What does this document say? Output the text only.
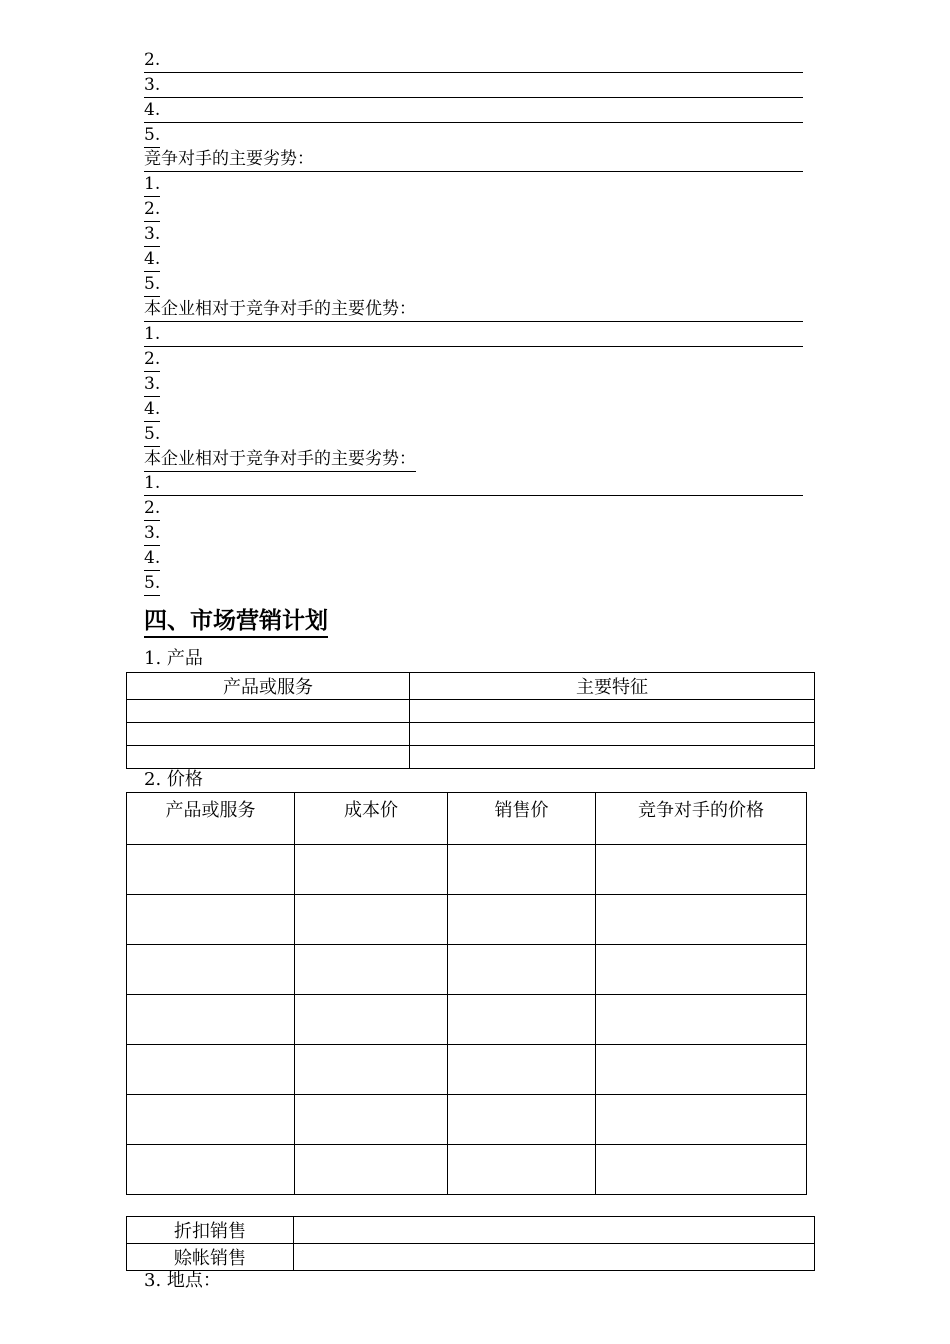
2.
3.
4.
5.
竞争对手的主要劣势：
1.
2.
3.
4.
5.
本企业相对于竞争对手的主要优势：
1.
2.
3.
4.
5.
本企业相对于竞争对手的主要劣势：
1.
2.
3.
4.
5.
四、市场营销计划
1. 产品
产品或服务	主要特征

2. 价格
产品或服务	成本价	销售价	竞争对手的价格

折扣销售	
赊帐销售	
3. 地点：
